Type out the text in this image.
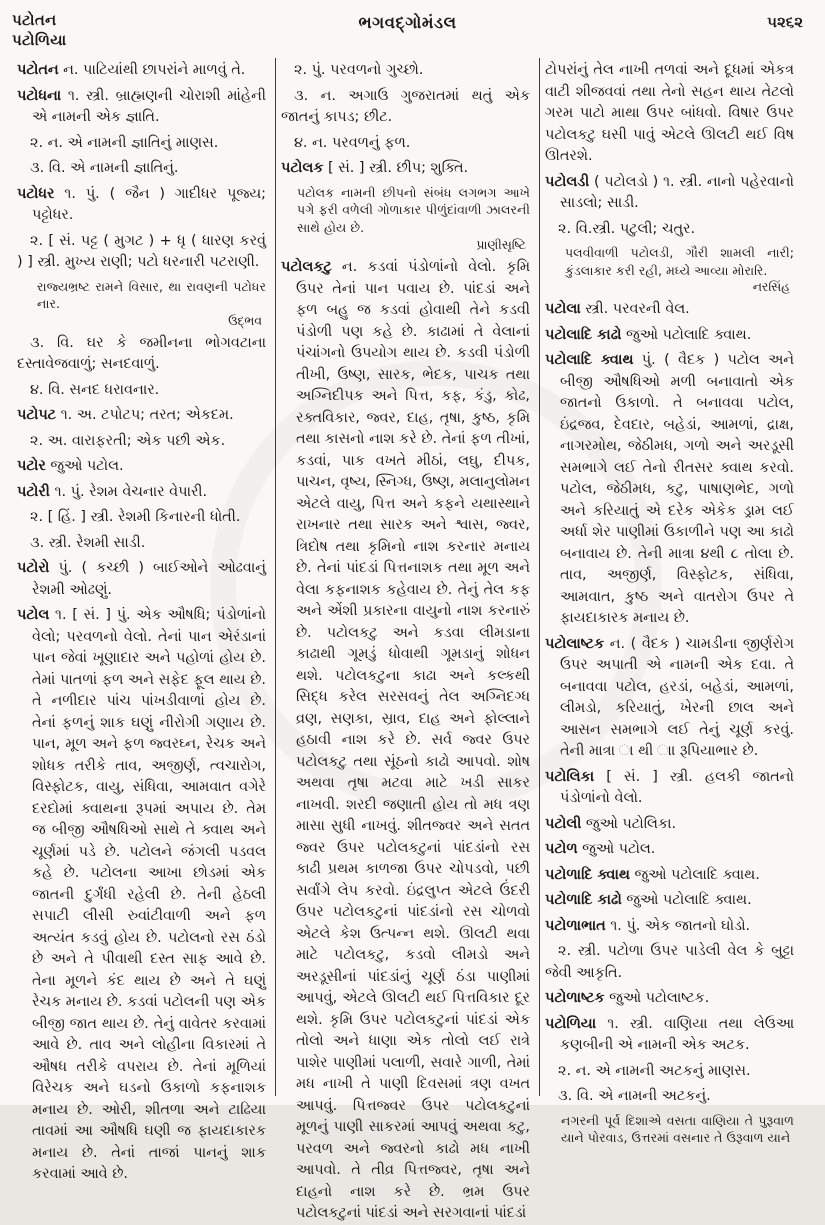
પટોતન
પટોળિયા
ભગવદ્ગોમંડલ	૫૨૬૨

પટોતન ન. પાટિયાંથી છાપરાંને માળવું તે.

પટોધના ૧. સ્ત્રી. બ્રાહ્મણની ચોરાશી માંહેની એ નામની એક જ્ઞાતિ.

૨. ન. એ નામની જ્ઞાતિનું માણસ.

૩. વિ. એ નામની જ્ઞાતિનું.

પટોધર ૧. પું. ( જૈન ) ગાદીધર પૂજ્ય; પટ્ટોધર.

૨. [ સં. પટ્ટ ( મુગટ ) + ધૃ ( ધારણ કરવું ) ] સ્ત્રી. મુખ્ય રાણી; પટો ધરનારી પટરાણી.

રાજ્યભ્રષ્ટ રામને વિસાર, થા રાવણની પટોધર નાર.

ઉદ્ભવ

૩. વિ. ઘર કે જમીનના ભોગવટાના દસ્તાવેજવાળું; સનદવાળું.

૪. વિ. સનદ ધરાવનાર.

પટોપટ ૧. અ. ટપોટપ; તરત; એકદમ.

૨. અ. વારાફરતી; એક પછી એક.

પટોર જુઓ પટોલ.

પટોરી ૧. પું. રેશમ વેચનાર વેપારી.

૨. [ હિં. ] સ્ત્રી. રેશમી કિનારની ધોતી.

૩. સ્ત્રી. રેશમી સાડી.

પટોરો પું. ( કચ્છી ) બાઈઓને ઓઢવાનું રેશમી ઓઢણું.

પટોલ ૧. [ સં. ] પું. એક ઔષધિ; પંડોળાંનો વેલો; પરવળનો વેલો. તેનાં પાન એરંડાનાં પાન જેવાં ખૂણાદાર અને પહોળાં હોય છે. તેમાં પાતળાં ફળ અને સફેદ ફૂલ થાય છે. તે નળીદાર પાંચ પાંખડીવાળાં હોય છે. તેનાં ફળનું શાક ઘણું નીરોગી ગણાય છે. પાન, મૂળ અને ફળ જ્વરઘ્ન, રેચક અને શોધક તરીકે તાવ, અજીર્ણ, ત્વચારોગ, વિસ્ફોટક, વાયુ, સંધિવા, આમવાત વગેરે દરદોમાં ક્વાથના રૂપમાં અપાય છે. તેમ જ બીજી ઔષધિઓ સાથે તે ક્વાથ અને ચૂર્ણમાં પડે છે. પટોલને જંગલી પડવલ કહે છે. પટોલના આખા છોડમાં એક જાતની દુર્ગંધી રહેલી છે. તેની હેઠલી સપાટી લીસી રુવાંટીવાળી અને ફળ અત્યંત કડવું હોય છે. પટોલનો રસ ઠંડો છે અને તે પીવાથી દસ્ત સાફ આવે છે. તેના મૂળને કંદ થાય છે અને તે ઘણું રેચક મનાય છે. કડવાં પટોલની પણ એક બીજી જાત થાય છે. તેનું વાવેતર કરવામાં આવે છે. તાવ અને લોહીના વિકારમાં તે ઔષધ તરીકે વપરાય છે. તેનાં મૂળિયાં વિરેચક અને ઘડનો ઉકાળો કફનાશક મનાય છે. ઓરી, શીતળા અને ટાઢિયા તાવમાં આ ઔષધિ ઘણી જ ફાયદાકારક મનાય છે. તેનાં તાજાં પાનનું શાક કરવામાં આવે છે.

૨. પું. પરવળનો ગુચ્છો.

૩. ન. અગાઉ ગુજરાતમાં થતું એક જાતનું કાપડ; છીટ.

૪. ન. પરવળનું ફળ.

પટોલક [ સં. ] સ્ત્રી. છીપ; શુક્તિ.

પટોલક નામની છીપનો સંબંધ લગભગ આખે પગે ફરી વળેલી ગોળાકાર પીળુંદાંવાળી ઝાલરની સાથે હોય છે.

પ્રાણીસૃષ્ટિ

પટોલકટુ ન. કડવાં પંડોળાંનો વેલો. કૃમિ ઉપર તેનાં પાન પવાય છે. પાંદડાં અને ફળ બહુ જ કડવાં હોવાથી તેને કડવી પંડોળી પણ કહે છે. કાઢામાં તે વેલાનાં પંચાંગનો ઉપયોગ થાય છે. કડવી પંડોળી તીખી, ઉષ્ણ, સારક, ભેદક, પાચક તથા અગ્નિદીપક અને પિત્ત, કફ, કંડુ, કોઢ, રક્તવિકાર, જ્વર, દાહ, તૃષા, કુષ્ઠ, કૃમિ તથા કાસનો નાશ કરે છે. તેનાં ફળ તીખાં, કડવાં, પાક વખતે મીઠાં, લઘુ, દીપક, પાચન, વૃષ્ય, સ્નિગ્ધ, ઉષ્ણ, મલાનુલોમન એટલે વાયુ, પિત્ત અને કફને યથાસ્થાને રાખનાર તથા સારક અને શ્વાસ, જ્વર, ત્રિદોષ તથા કૃમિનો નાશ કરનાર મનાય છે. તેનાં પાંદડાં પિત્તનાશક તથા મૂળ અને વેલા કફનાશક કહેવાય છે. તેનું તેલ કફ અને એંશી પ્રકારના વાયુનો નાશ કરનારું છે. પટોલકટુ અને કડવા લીમડાના કાઢાથી ગૂમડું ધોવાથી ગૂમડાનું શોધન થશે. પટોલકટુના કાઢા અને કલ્કથી સિદ્ધ કરેલ સરસવનું તેલ અગ્નિદગ્ધ વ્રણ, સણકા, સ્રાવ, દાહ અને ફોલ્લાને હઠાવી નાશ કરે છે. સર્વ જ્વર ઉપર પટોલકટુ તથા સૂંઠનો કાઢો આપવો. શોષ અથવા તૃષા મટવા માટે ખડી સાકર નાખવી. શરદી જણાતી હોય તો મધ ત્રણ માસા સુધી નાખવું. શીતજ્વર અને સતત જ્વર ઉપર પટોલકટુનાં પાંદડાંનો રસ કાઢી પ્રથમ કાળજા ઉપર ચોપડવો, પછી સર્વાંગે લેપ કરવો. ઇંદ્રલુપ્ત એટલે ઉંદરી ઉપર પટોલકટુનાં પાંદડાંનો રસ ચોળવો એટલે કેશ ઉત્પન્ન થશે. ઊલટી થવા માટે પટોલકટુ, કડવો લીમડો અને અરડૂસીનાં પાંદડાંનું ચૂર્ણ ઠંડા પાણીમાં આપવું, એટલે ઊલટી થઈ પિત્તવિકાર દૂર થશે. કૃમિ ઉપર પટોલકટુનાં પાંદડાં એક તોલો અને ધાણા એક તોલો લઈ રાત્રે પાશેર પાણીમાં પલાળી, સવારે ગાળી, તેમાં મધ નાખી તે પાણી દિવસમાં ત્રણ વખત આપવું. પિત્તજ્વર ઉપર પટોલકટુનાં મૂળનું પાણી સાકરમાં આપવું અથવા કટુ, પરવળ અને જ્વરનો કાઢો મધ નાખી આપવો. તે તીવ્ર પિત્તજ્વર, તૃષા અને દાહનો નાશ કરે છે. ભ્રમ ઉપર પટોલકટુનાં પાંદડાં અને સરગવાનાં પાંદડાં

ટોપરાંનું તેલ નાખી તળવાં અને દૂધમાં એકત્ર વાટી શીજવવાં તથા તેનો સહન થાય તેટલો ગરમ પાટો માથા ઉપર બાંધવો. વિષાર ઉપર પટોલકટુ ઘસી પાવું એટલે ઊલટી થઈ વિષ ઊતરશે.

પટોલડી ( પટોલડો ) ૧. સ્ત્રી. નાનો પહેરવાનો સાડલો; સાડી.

૨. વિ.સ્ત્રી. પટુલી; ચતુર.

પલવીવાળી પટોલડી, ગૌરી શામલી નારી; કુંડલાકાર કરી રહી, મધ્યે આવ્યા મોરારિ.

નરસિંહ

પટોલા સ્ત્રી. પરવરની વેલ.

પટોલાદિ કાઢો જુઓ પટોલાદિ ક્વાથ.

પટોલાદિ ક્વાથ પું. ( વૈદક ) પટોલ અને બીજી ઔષધિઓ મળી બનાવાતો એક જાતનો ઉકાળો. તે બનાવવા પટોલ, ઇંદ્રજવ, દેવદાર, બહેડાં, આમળાં, દ્રાક્ષ, નાગરમોથ, જેઠીમધ, ગળો અને અરડૂસી સમભાગે લઈ તેનો રીતસર ક્વાથ કરવો. પટોલ, જેઠીમધ, કટુ, પાષાણભેદ, ગળો અને કરિયાતું એ દરેક એકેક ડ્રામ લઈ અર્ધા શેર પાણીમાં ઉકાળીને પણ આ કાઢો બનાવાય છે. તેની માત્રા ૪થી ૮ તોલા છે. તાવ, અજીર્ણ, વિસ્ફોટક, સંધિવા, આમવાત, કુષ્ઠ અને વાતરોગ ઉપર તે ફાયદાકારક મનાય છે.

પટોલાષ્ટક ન. ( વૈદક ) ચામડીના જીર્ણરોગ ઉપર અપાતી એ નામની એક દવા. તે બનાવવા પટોલ, હરડાં, બહેડાં, આમળાં, લીમડો, કરિયાતું, ખેરની છાલ અને આસન સમભાગે લઈ તેનું ચૂર્ણ કરવું. તેની માત્રા ા થી ાા રૂપિયાભાર છે.

પટોલિકા [ સં. ] સ્ત્રી. હલકી જાતનો પંડોળાંનો વેલો.

પટોલી જુઓ પટોલિકા.

પટોળ જુઓ પટોલ.

પટોળાદિ ક્વાથ જુઓ પટોલાદિ ક્વાથ.

પટોળાદિ કાઢો જુઓ પટોલાદિ ક્વાથ.

પટોળાભાત ૧. પું. એક જાતનો ઘોડો.

૨. સ્ત્રી. પટોળા ઉપર પાડેલી વેલ કે બુટ્ટા જેવી આકૃતિ.

પટોળાષ્ટક જુઓ પટોલાષ્ટક.

પટોળિયા ૧. સ્ત્રી. વાણિયા તથા લેઉઆ કણબીની એ નામની એક અટક.

૨. ન. એ નામની અટકનું માણસ.

૩. વિ. એ નામની અટકનું.

નગરની પૂર્વ દિશાએ વસતા વાણિયા તે પુરૂવાળ યાને પોરવાડ, ઉત્તરમાં વસનાર તે ઉરૂવાળ યાને
